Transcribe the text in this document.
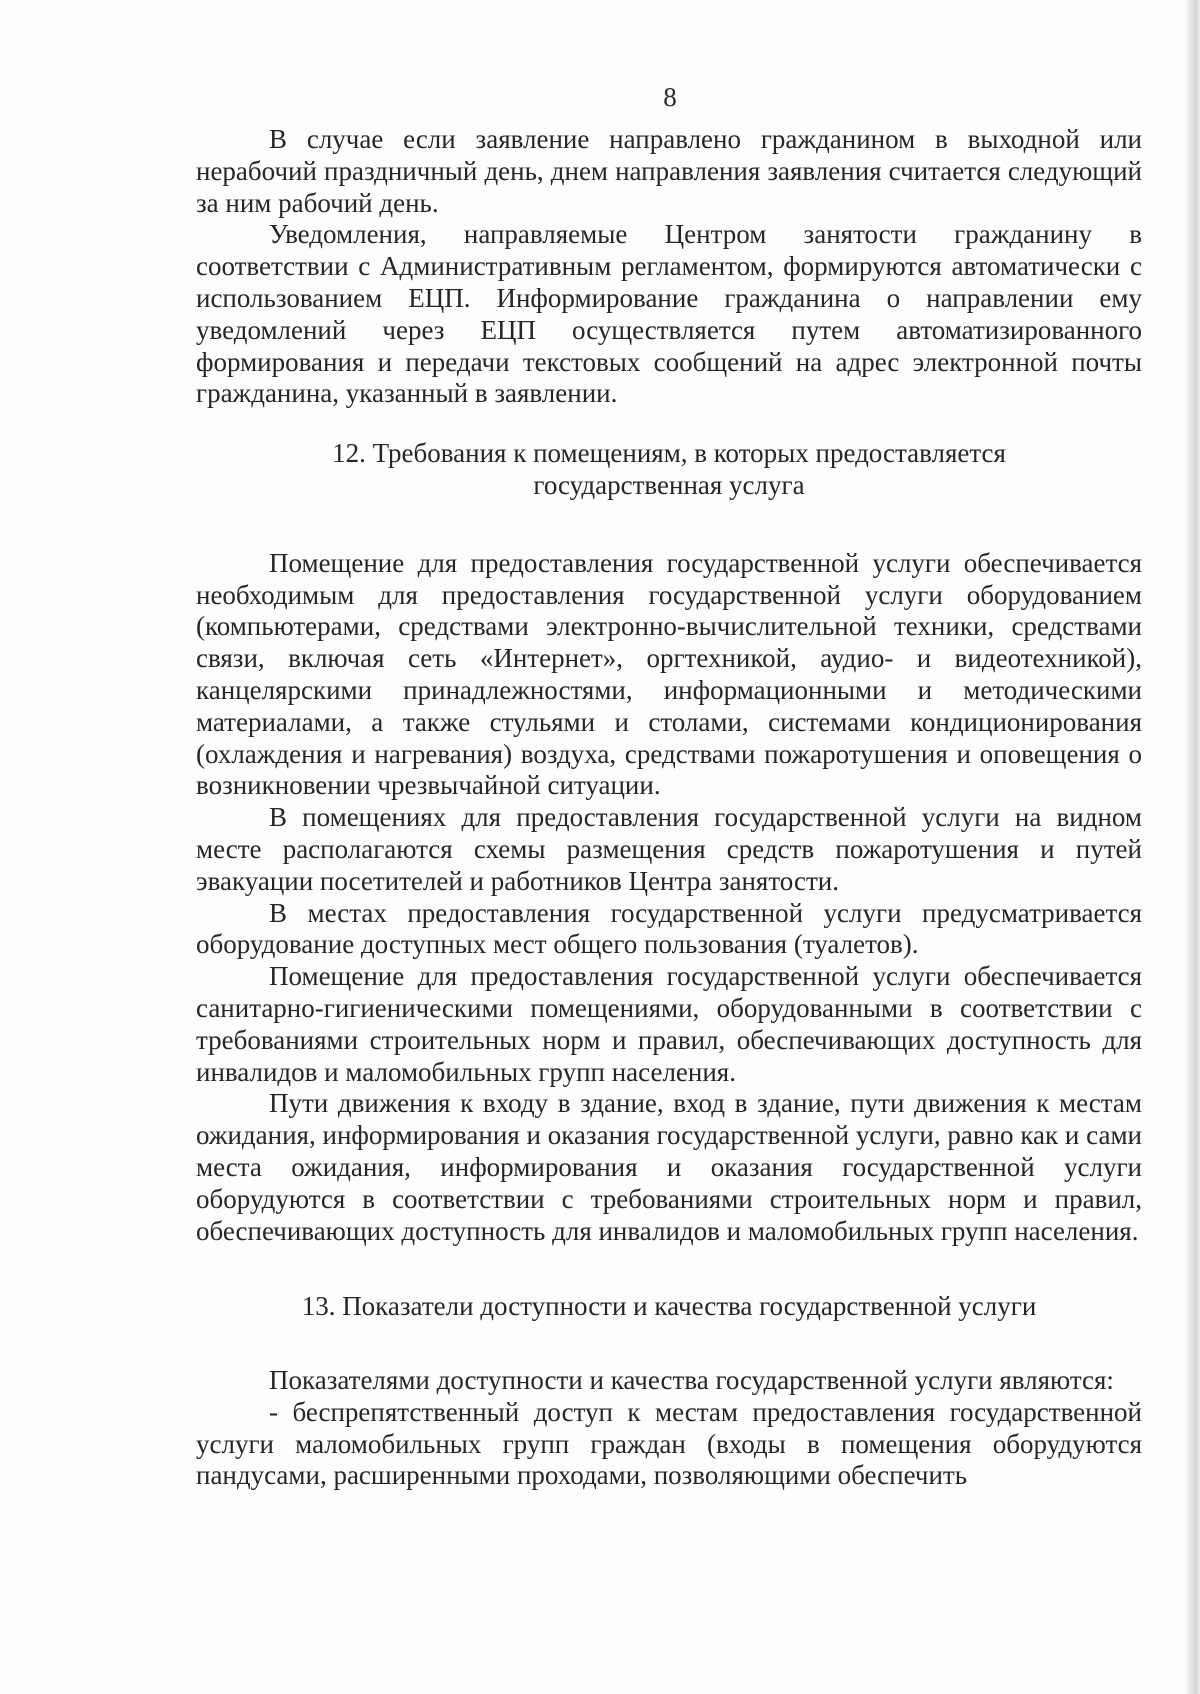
8

В случае если заявление направлено гражданином в выходной или нерабочий праздничный день, днем направления заявления считается следующий за ним рабочий день.

Уведомления, направляемые Центром занятости гражданину в соответствии с Административным регламентом, формируются автоматически с использованием ЕЦП. Информирование гражданина о направлении ему уведомлений через ЕЦП осуществляется путем автоматизированного формирования и передачи текстовых сообщений на адрес электронной почты гражданина, указанный в заявлении.

12. Требования к помещениям, в которых предоставляется

государственная услуга

Помещение для предоставления государственной услуги обеспечивается необходимым для предоставления государственной услуги оборудованием (компьютерами, средствами электронно-вычислительной техники, средствами связи, включая сеть «Интернет», оргтехникой, аудио- и видеотехникой), канцелярскими принадлежностями, информационными и методическими материалами, а также стульями и столами, системами кондиционирования (охлаждения и нагревания) воздуха, средствами пожаротушения и оповещения о возникновении чрезвычайной ситуации.

В помещениях для предоставления государственной услуги на видном месте располагаются схемы размещения средств пожаротушения и путей эвакуации посетителей и работников Центра занятости.

В местах предоставления государственной услуги предусматривается оборудование доступных мест общего пользования (туалетов).

Помещение для предоставления государственной услуги обеспечивается санитарно-гигиеническими помещениями, оборудованными в соответствии с требованиями строительных норм и правил, обеспечивающих доступность для инвалидов и маломобильных групп населения.

Пути движения к входу в здание, вход в здание, пути движения к местам ожидания, информирования и оказания государственной услуги, равно как и сами места ожидания, информирования и оказания государственной услуги оборудуются в соответствии с требованиями строительных норм и правил, обеспечивающих доступность для инвалидов и маломобильных групп населения.

13. Показатели доступности и качества государственной услуги

Показателями доступности и качества государственной услуги являются:

- беспрепятственный доступ к местам предоставления государственной услуги маломобильных групп граждан (входы в помещения оборудуются пандусами, расширенными проходами, позволяющими обеспечить
